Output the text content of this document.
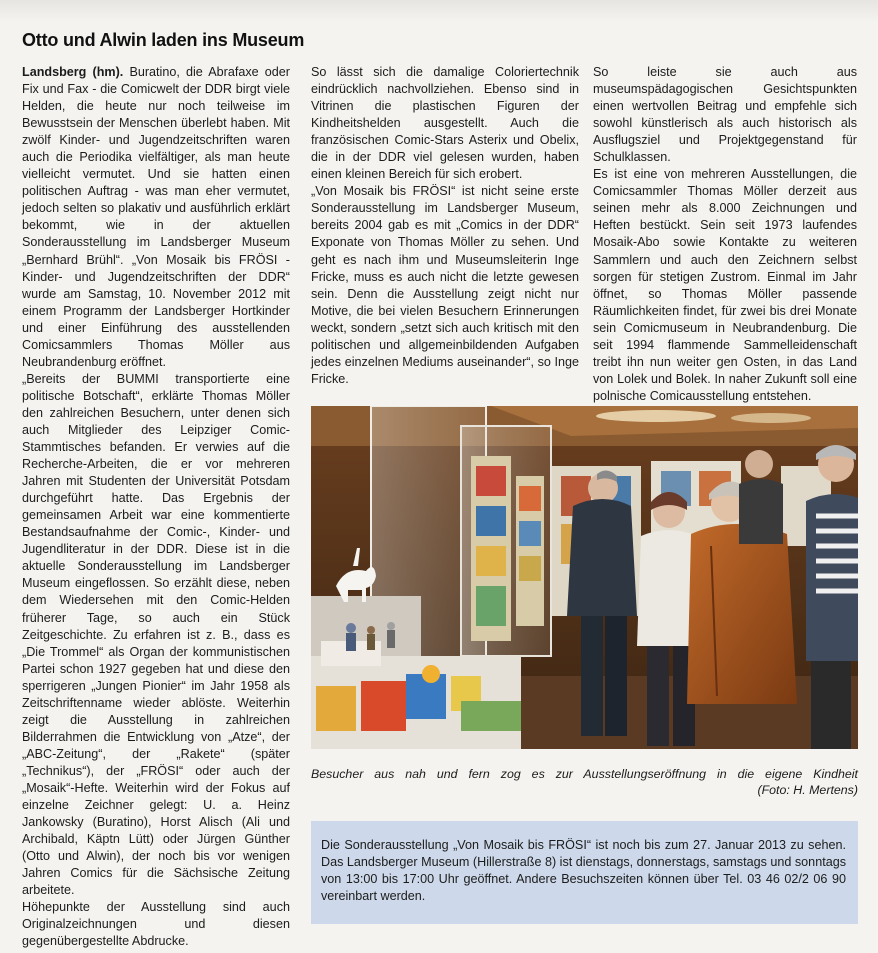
Otto und Alwin laden ins Museum

Landsberg (hm). Buratino, die Abrafaxe oder Fix und Fax - die Comicwelt der DDR birgt viele Helden, die heute nur noch teilweise im Bewusstsein der Menschen überlebt haben. Mit zwölf Kinder- und Jugendzeitschriften waren auch die Periodika vielfältiger, als man heute vielleicht vermutet. Und sie hatten einen politischen Auftrag - was man eher vermutet, jedoch selten so plakativ und ausführlich erklärt bekommt, wie in der aktuellen Sonderausstellung im Landsberger Museum „Bernhard Brühl“. „Von Mosaik bis FRÖSI - Kinder- und Jugendzeitschriften der DDR“ wurde am Samstag, 10. November 2012 mit einem Programm der Landsberger Hortkinder und einer Einführung des ausstellenden Comicsammlers Thomas Möller aus Neubrandenburg eröffnet.

„Bereits der BUMMI transportierte eine politische Botschaft“, erklärte Thomas Möller den zahlreichen Besuchern, unter denen sich auch Mitglieder des Leipziger Comic-Stammtisches befanden. Er verwies auf die Recherche-Arbeiten, die er vor mehreren Jahren mit Studenten der Universität Potsdam durchgeführt hatte. Das Ergebnis der gemeinsamen Arbeit war eine kommentierte Bestandsaufnahme der Comic-, Kinder- und Jugendliteratur in der DDR. Diese ist in die aktuelle Sonderausstellung im Landsberger Museum eingeflossen. So erzählt diese, neben dem Wiedersehen mit den Comic-Helden früherer Tage, so auch ein Stück Zeitgeschichte. Zu erfahren ist z. B., dass es „Die Trommel“ als Organ der kommunistischen Partei schon 1927 gegeben hat und diese den sperrigeren „Jungen Pionier“ im Jahr 1958 als Zeitschriftenname wieder ablöste. Weiterhin zeigt die Ausstellung in zahlreichen Bilderrahmen die Entwicklung von „Atze“, der „ABC-Zeitung“, der „Rakete“ (später „Technikus“), der „FRÖSI“ oder auch der „Mosaik“-Hefte. Weiterhin wird der Fokus auf einzelne Zeichner gelegt: U. a. Heinz Jankowsky (Buratino), Horst Alisch (Ali und Archibald, Käptn Lütt) oder Jürgen Günther (Otto und Alwin), der noch bis vor wenigen Jahren Comics für die Sächsische Zeitung arbeitete.

Höhepunkte der Ausstellung sind auch Originalzeichnungen und diesen gegenübergestellte Abdrucke.

So lässt sich die damalige Coloriertechnik eindrücklich nachvollziehen. Ebenso sind in Vitrinen die plastischen Figuren der Kindheitshelden ausgestellt. Auch die französischen Comic-Stars Asterix und Obelix, die in der DDR viel gelesen wurden, haben einen kleinen Bereich für sich erobert.

„Von Mosaik bis FRÖSI“ ist nicht seine erste Sonderausstellung im Landsberger Museum, bereits 2004 gab es mit „Comics in der DDR“ Exponate von Thomas Möller zu sehen. Und geht es nach ihm und Museumsleiterin Inge Fricke, muss es auch nicht die letzte gewesen sein. Denn die Ausstellung zeigt nicht nur Motive, die bei vielen Besuchern Erinnerungen weckt, sondern „setzt sich auch kritisch mit den politischen und allgemeinbildenden Aufgaben jedes einzelnen Mediums auseinander“, so Inge Fricke.

So leiste sie auch aus museumspädagogischen Gesichtspunkten einen wertvollen Beitrag und empfehle sich sowohl künstlerisch als auch historisch als Ausflugsziel und Projektgegenstand für Schulklassen.

Es ist eine von mehreren Ausstellungen, die Comicsammler Thomas Möller derzeit aus seinen mehr als 8.000 Zeichnungen und Heften bestückt. Sein seit 1973 laufendes Mosaik-Abo sowie Kontakte zu weiteren Sammlern und auch den Zeichnern selbst sorgen für stetigen Zustrom. Einmal im Jahr öffnet, so Thomas Möller passende Räumlichkeiten findet, für zwei bis drei Monate sein Comicmuseum in Neubrandenburg. Die seit 1994 flammende Sammelleidenschaft treibt ihn nun weiter gen Osten, in das Land von Lolek und Bolek. In naher Zukunft soll eine polnische Comicausstellung entstehen.

Besucher aus nah und fern zog es zur Ausstellungseröffnung in die eigene Kindheit
(Foto: H. Mertens)
Die Sonderausstellung „Von Mosaik bis FRÖSI“ ist noch bis zum 27. Januar 2013 zu sehen. Das Landsberger Museum (Hillerstraße 8) ist dienstags, donnerstags, samstags und sonntags von 13:00 bis 17:00 Uhr geöffnet. Andere Besuchszeiten können über Tel. 03 46 02/2 06 90 vereinbart werden.
